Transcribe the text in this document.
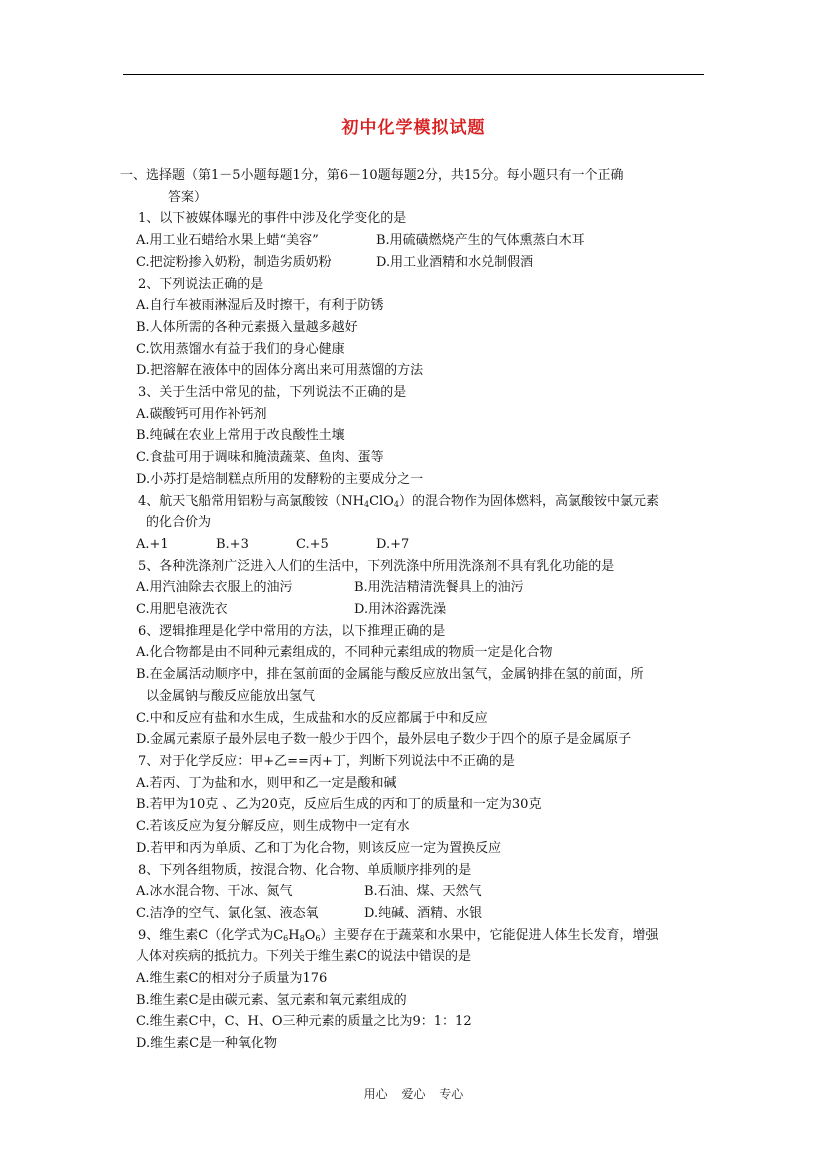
初中化学模拟试题
一、选择题（第1－5小题每题1分，第6－10题每题2分，共15分。每小题只有一个正确
答案）
1、以下被媒体曝光的事件中涉及化学变化的是
A.用工业石蜡给水果上蜡“美容”	B.用硫磺燃烧产生的气体熏蒸白木耳
C.把淀粉掺入奶粉，制造劣质奶粉	D.用工业酒精和水兑制假酒
2、下列说法正确的是
A.自行车被雨淋湿后及时擦干，有利于防锈
B.人体所需的各种元素摄入量越多越好
C.饮用蒸馏水有益于我们的身心健康
D.把溶解在液体中的固体分离出来可用蒸馏的方法
3、关于生活中常见的盐，下列说法不正确的是
A.碳酸钙可用作补钙剂
B.纯碱在农业上常用于改良酸性土壤
C.食盐可用于调味和腌渍蔬菜、鱼肉、蛋等
D.小苏打是焙制糕点所用的发酵粉的主要成分之一
4、航天飞船常用铝粉与高氯酸铵$(NH_4ClO_4)$的混合物作为固体燃料，高氯酸铵中氯元素
的化合价为
A.+1	B.+3	C.+5	D.+7
5、各种洗涤剂广泛进入人们的生活中，下列洗涤中所用洗涤剂不具有乳化功能的是
A.用汽油除去衣服上的油污	B.用洗洁精清洗餐具上的油污
C.用肥皂液洗衣	D.用沐浴露洗澡
6、逻辑推理是化学中常用的方法，以下推理正确的是
A.化合物都是由不同种元素组成的，不同种元素组成的物质一定是化合物
B.在金属活动顺序中，排在氢前面的金属能与酸反应放出氢气，金属钠排在氢的前面，所
以金属钠与酸反应能放出氢气
C.中和反应有盐和水生成，生成盐和水的反应都属于中和反应
D.金属元素原子最外层电子数一般少于四个，最外层电子数少于四个的原子是金属原子
7、对于化学反应：甲+乙==丙+丁，判断下列说法中不正确的是
A.若丙、丁为盐和水，则甲和乙一定是酸和碱
B.若甲为10克 、乙为20克，反应后生成的丙和丁的质量和一定为30克
C.若该反应为复分解反应，则生成物中一定有水
D.若甲和丙为单质、乙和丁为化合物，则该反应一定为置换反应
8、下列各组物质，按混合物、化合物、单质顺序排列的是
A.冰水混合物、干冰、氮气	B.石油、煤、天然气
C.洁净的空气、氯化氢、液态氧	D.纯碱、酒精、水银
9、维生素C（化学式为$C_6H_8O_6$）主要存在于蔬菜和水果中，它能促进人体生长发育，增强
人体对疾病的抵抗力。下列关于维生素C的说法中错误的是
A.维生素C的相对分子质量为176
B.维生素C是由碳元素、氢元素和氧元素组成的
C.维生素C中，C、H、O三种元素的质量之比为9：1：12
D.维生素C是一种氧化物
用心 爱心 专心
